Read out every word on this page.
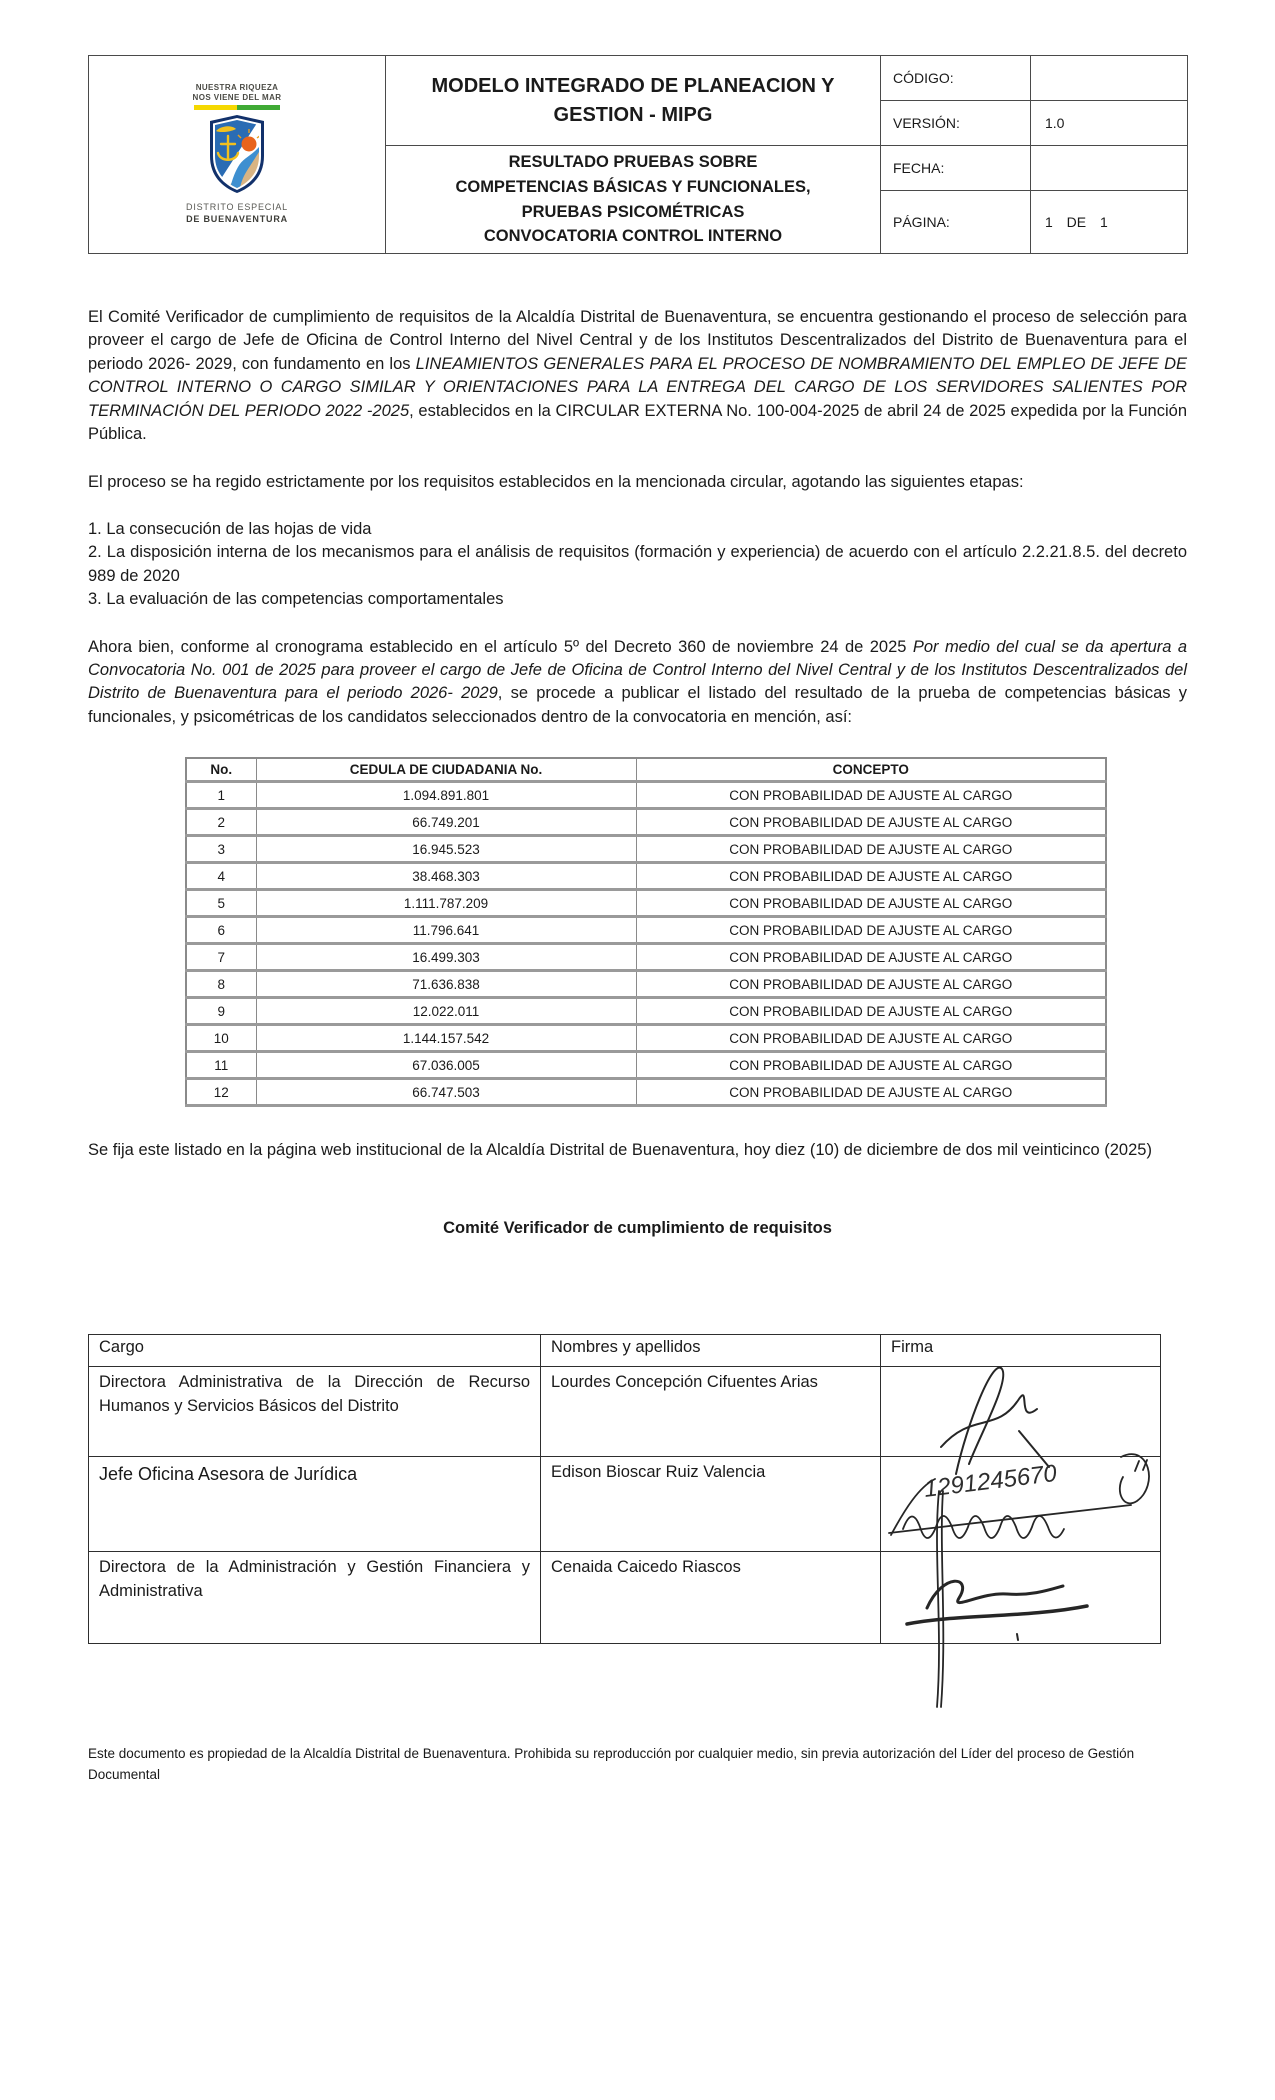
NUESTRA RIQUEZA
NOS VIENE DEL MAR
DISTRITO ESPECIAL
DE BUENAVENTURA	MODELO INTEGRADO DE PLANEACION Y GESTION - MIPG	CÓDIGO:	
		VERSIÓN:	1.0

	RESULTADO PRUEBAS SOBRE
COMPETENCIAS BÁSICAS Y FUNCIONALES,
PRUEBAS PSICOMÉTRICAS
CONVOCATORIA CONTROL INTERNO	FECHA:	
		PÁGINA:	1 DE 1

El Comité Verificador de cumplimiento de requisitos de la Alcaldía Distrital de Buenaventura, se encuentra gestionando el proceso de selección para proveer el cargo de Jefe de Oficina de Control Interno del Nivel Central y de los Institutos Descentralizados del Distrito de Buenaventura para el periodo 2026- 2029, con fundamento en los LINEAMIENTOS GENERALES PARA EL PROCESO DE NOMBRAMIENTO DEL EMPLEO DE JEFE DE CONTROL INTERNO O CARGO SIMILAR Y ORIENTACIONES PARA LA ENTREGA DEL CARGO DE LOS SERVIDORES SALIENTES POR TERMINACIÓN DEL PERIODO 2022 -2025, establecidos en la CIRCULAR EXTERNA No. 100-004-2025 de abril 24 de 2025 expedida por la Función Pública.

El proceso se ha regido estrictamente por los requisitos establecidos en la mencionada circular, agotando las siguientes etapas:

1. La consecución de las hojas de vida
2. La disposición interna de los mecanismos para el análisis de requisitos (formación y experiencia) de acuerdo con el artículo 2.2.21.8.5. del decreto 989 de 2020
3. La evaluación de las competencias comportamentales

Ahora bien, conforme al cronograma establecido en el artículo 5º del Decreto 360 de noviembre 24 de 2025 Por medio del cual se da apertura a Convocatoria No. 001 de 2025 para proveer el cargo de Jefe de Oficina de Control Interno del Nivel Central y de los Institutos Descentralizados del Distrito de Buenaventura para el periodo 2026- 2029, se procede a publicar el listado del resultado de la prueba de competencias básicas y funcionales, y psicométricas de los candidatos seleccionados dentro de la convocatoria en mención, así:

No.	CEDULA DE CIUDADANIA No.	CONCEPTO
1	1.094.891.801	CON PROBABILIDAD DE AJUSTE AL CARGO
2	66.749.201	CON PROBABILIDAD DE AJUSTE AL CARGO
3	16.945.523	CON PROBABILIDAD DE AJUSTE AL CARGO
4	38.468.303	CON PROBABILIDAD DE AJUSTE AL CARGO
5	1.111.787.209	CON PROBABILIDAD DE AJUSTE AL CARGO
6	11.796.641	CON PROBABILIDAD DE AJUSTE AL CARGO
7	16.499.303	CON PROBABILIDAD DE AJUSTE AL CARGO
8	71.636.838	CON PROBABILIDAD DE AJUSTE AL CARGO
9	12.022.011	CON PROBABILIDAD DE AJUSTE AL CARGO
10	1.144.157.542	CON PROBABILIDAD DE AJUSTE AL CARGO
11	67.036.005	CON PROBABILIDAD DE AJUSTE AL CARGO
12	66.747.503	CON PROBABILIDAD DE AJUSTE AL CARGO

Se fija este listado en la página web institucional de la Alcaldía Distrital de Buenaventura, hoy diez (10) de diciembre de dos mil veinticinco (2025)

Comité Verificador de cumplimiento de requisitos
Cargo	Nombres y apellidos	Firma
Directora Administrativa de la Dirección de Recurso Humanos y Servicios Básicos del Distrito	Lourdes Concepción Cifuentes Arias	

Jefe Oficina Asesora de Jurídica	Edison Bioscar Ruiz Valencia	1291245670

Directora de la Administración y Gestión Financiera y Administrativa	Cenaida Caicedo Riascos	

Este documento es propiedad de la Alcaldía Distrital de Buenaventura. Prohibida su reproducción por cualquier medio, sin previa autorización del Líder del proceso de Gestión Documental
